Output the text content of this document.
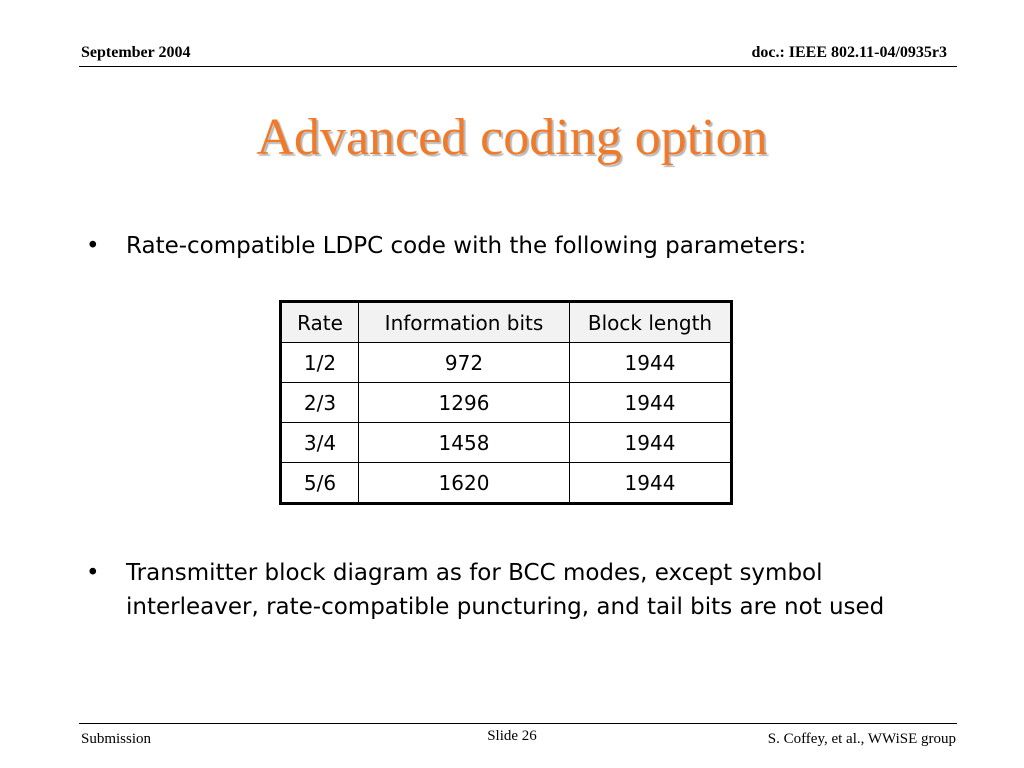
September 2004	doc.: IEEE 802.11-04/0935r3
Advanced coding option
• Rate-compatible LDPC code with the following parameters:
Rate	Information bits	Block length
1/2	972	1944
2/3	1296	1944
3/4	1458	1944
5/6	1620	1944
• Transmitter block diagram as for BCC modes, except symbol interleaver, rate-compatible puncturing, and tail bits are not used
Submission	Slide 26	S. Coffey, et al., WWiSE group
